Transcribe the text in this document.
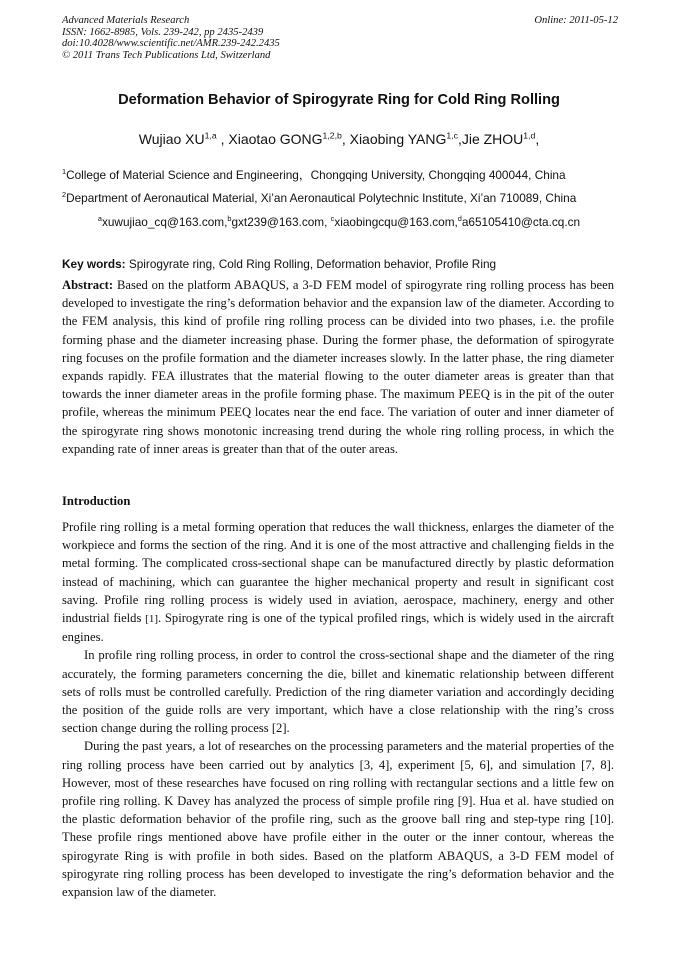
Advanced Materials Research
ISSN: 1662-8985, Vols. 239-242, pp 2435-2439
doi:10.4028/www.scientific.net/AMR.239-242.2435
© 2011 Trans Tech Publications Ltd, Switzerland
Online: 2011-05-12
Deformation Behavior of Spirogyrate Ring for Cold Ring Rolling
Wujiao XU$^{1,a}$ , Xiaotao GONG$^{1,2,b}$, Xiaobing YANG$^{1,c}$,Jie ZHOU$^{1,d}$,
$^1$College of Material Science and Engineering，Chongqing University, Chongqing 400044, China
$^2$Department of Aeronautical Material, Xi’an Aeronautical Polytechnic Institute, Xi’an 710089, China
$^a$xuwujiao_cq@163.com,$^b$gxt239@163.com, $^c$xiaobingcqu@163.com,$^d$a65105410@cta.cq.cn
Key words: Spirogyrate ring, Cold Ring Rolling, Deformation behavior, Profile Ring
Abstract: Based on the platform ABAQUS, a 3-D FEM model of spirogyrate ring rolling process has been developed to investigate the ring’s deformation behavior and the expansion law of the diameter. According to the FEM analysis, this kind of profile ring rolling process can be divided into two phases, i.e. the profile forming phase and the diameter increasing phase. During the former phase, the deformation of spirogyrate ring focuses on the profile formation and the diameter increases slowly. In the latter phase, the ring diameter expands rapidly. FEA illustrates that the material flowing to the outer diameter areas is greater than that towards the inner diameter areas in the profile forming phase. The maximum PEEQ is in the pit of the outer profile, whereas the minimum PEEQ locates near the end face. The variation of outer and inner diameter of the spirogyrate ring shows monotonic increasing trend during the whole ring rolling process, in which the expanding rate of inner areas is greater than that of the outer areas.
Introduction

Profile ring rolling is a metal forming operation that reduces the wall thickness, enlarges the diameter of the workpiece and forms the section of the ring. And it is one of the most attractive and challenging fields in the metal forming. The complicated cross-sectional shape can be manufactured directly by plastic deformation instead of machining, which can guarantee the higher mechanical property and result in significant cost saving. Profile ring rolling process is widely used in aviation, aerospace, machinery, energy and other industrial fields [1]. Spirogyrate ring is one of the typical profiled rings, which is widely used in the aircraft engines.

In profile ring rolling process, in order to control the cross-sectional shape and the diameter of the ring accurately, the forming parameters concerning the die, billet and kinematic relationship between different sets of rolls must be controlled carefully. Prediction of the ring diameter variation and accordingly deciding the position of the guide rolls are very important, which have a close relationship with the ring’s cross section change during the rolling process [2].

During the past years, a lot of researches on the processing parameters and the material properties of the ring rolling process have been carried out by analytics [3, 4], experiment [5, 6], and simulation [7, 8]. However, most of these researches have focused on ring rolling with rectangular sections and a little few on profile ring rolling. K Davey has analyzed the process of simple profile ring [9]. Hua et al. have studied on the plastic deformation behavior of the profile ring, such as the groove ball ring and step-type ring [10]. These profile rings mentioned above have profile either in the outer or the inner contour, whereas the spirogyrate Ring is with profile in both sides. Based on the platform ABAQUS, a 3-D FEM model of spirogyrate ring rolling process has been developed to investigate the ring’s deformation behavior and the expansion law of the diameter.
